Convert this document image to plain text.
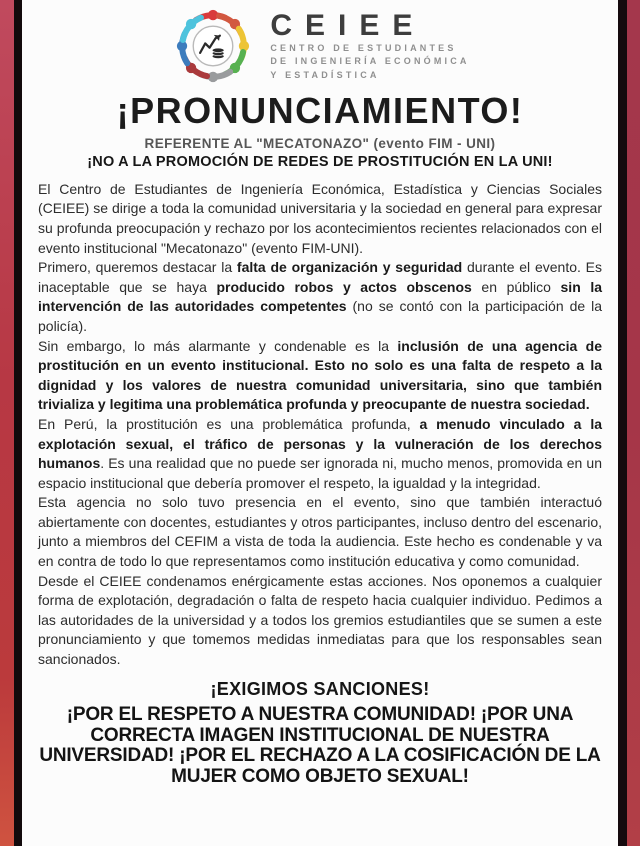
CEIEE
CENTRO DE ESTUDIANTES
DE INGENIERÍA ECONÓMICA
Y ESTADÍSTICA
¡PRONUNCIAMIENTO!
REFERENTE AL "MECATONAZO" (evento FIM - UNI)
¡NO A LA PROMOCIÓN DE REDES DE PROSTITUCIÓN EN LA UNI!

El Centro de Estudiantes de Ingeniería Económica, Estadística y Ciencias Sociales (CEIEE) se dirige a toda la comunidad universitaria y la sociedad en general para expresar su profunda preocupación y rechazo por los acontecimientos recientes relacionados con el evento institucional "Mecatonazo" (evento FIM-UNI).

Primero, queremos destacar la falta de organización y seguridad durante el evento. Es inaceptable que se haya producido robos y actos obscenos en público sin la intervención de las autoridades competentes (no se contó con la participación de la policía).

Sin embargo, lo más alarmante y condenable es la inclusión de una agencia de prostitución en un evento institucional. Esto no solo es una falta de respeto a la dignidad y los valores de nuestra comunidad universitaria, sino que también trivializa y legitima una problemática profunda y preocupante de nuestra sociedad.

En Perú, la prostitución es una problemática profunda, a menudo vinculado a la explotación sexual, el tráfico de personas y la vulneración de los derechos humanos. Es una realidad que no puede ser ignorada ni, mucho menos, promovida en un espacio institucional que debería promover el respeto, la igualdad y la integridad.

Esta agencia no solo tuvo presencia en el evento, sino que también interactuó abiertamente con docentes, estudiantes y otros participantes, incluso dentro del escenario, junto a miembros del CEFIM a vista de toda la audiencia. Este hecho es condenable y va en contra de todo lo que representamos como institución educativa y como comunidad.

Desde el CEIEE condenamos enérgicamente estas acciones. Nos oponemos a cualquier forma de explotación, degradación o falta de respeto hacia cualquier individuo. Pedimos a las autoridades de la universidad y a todos los gremios estudiantiles que se sumen a este pronunciamiento y que tomemos medidas inmediatas para que los responsables sean sancionados.

¡EXIGIMOS SANCIONES!
¡POR EL RESPETO A NUESTRA COMUNIDAD! ¡POR UNA CORRECTA IMAGEN INSTITUCIONAL DE NUESTRA UNIVERSIDAD! ¡POR EL RECHAZO A LA COSIFICACIÓN DE LA MUJER COMO OBJETO SEXUAL!
